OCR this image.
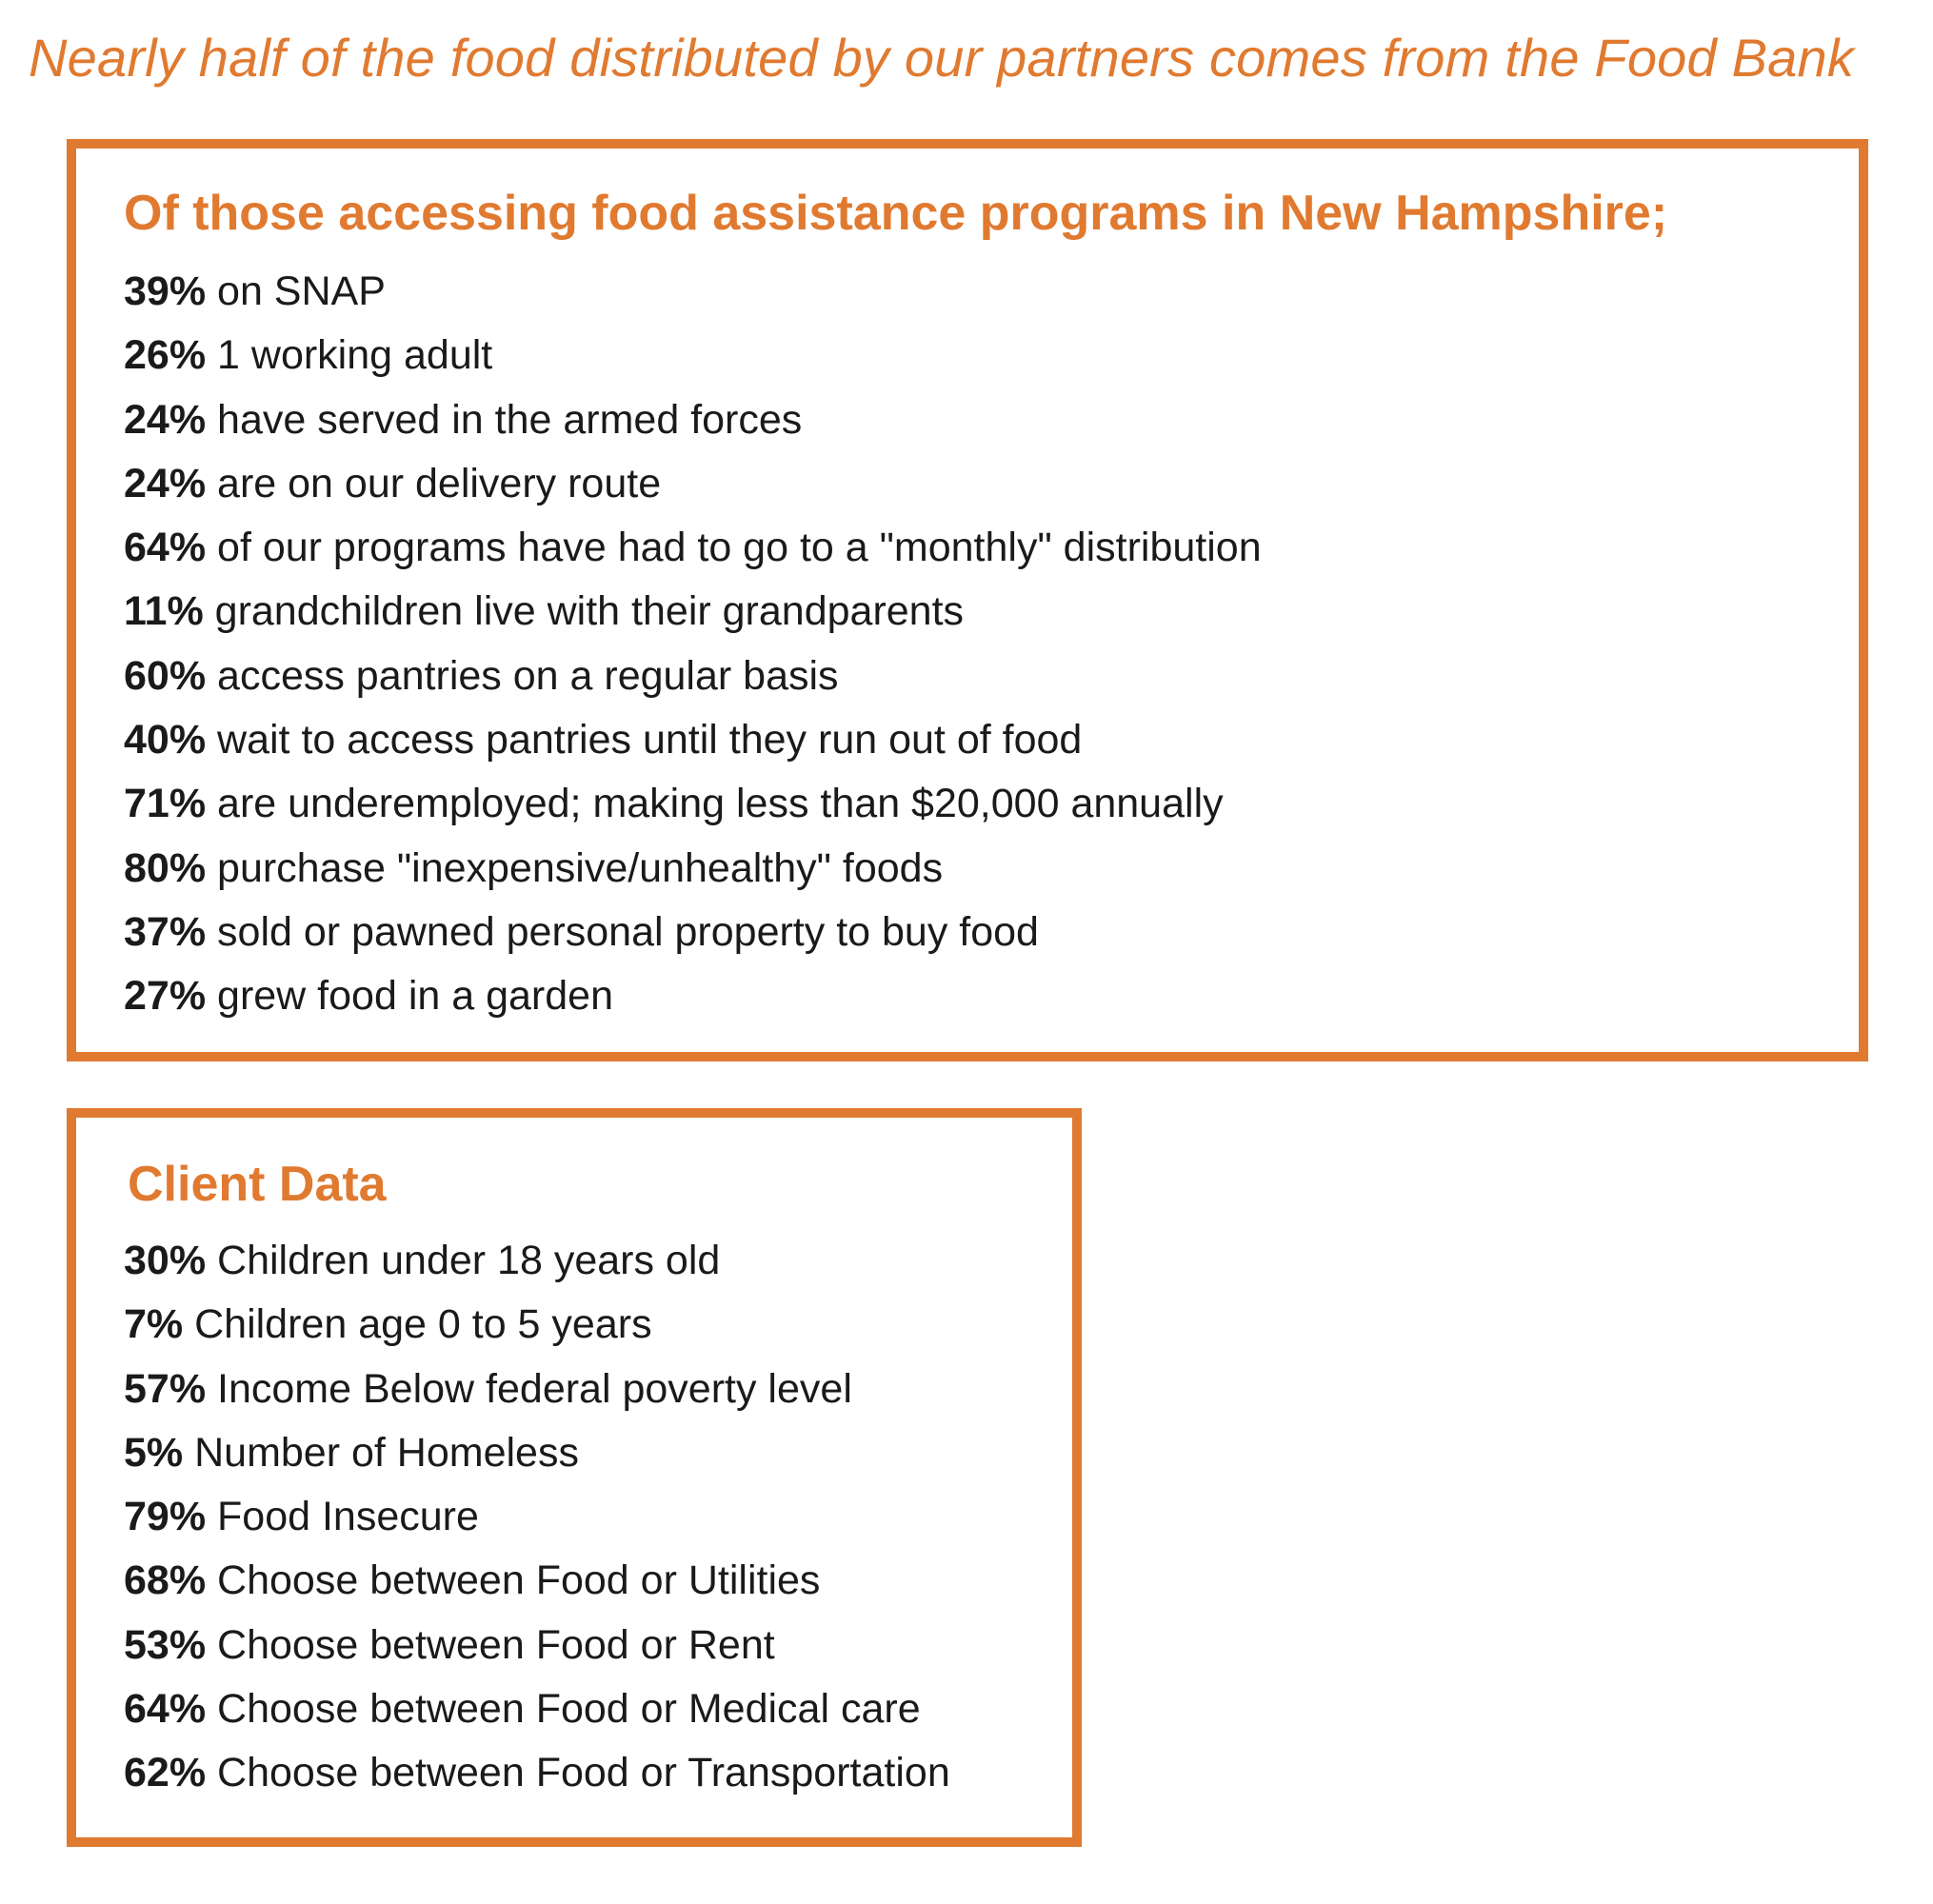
Nearly half of the food distributed by our partners comes from the Food Bank
Of those accessing food assistance programs in New Hampshire;
39% on SNAP
26% 1 working adult
24% have served in the armed forces
24% are on our delivery route
64% of our programs have had to go to a "monthly" distribution
11% grandchildren live with their grandparents
60% access pantries on a regular basis
40% wait to access pantries until they run out of food
71% are underemployed; making less than $20,000 annually
80% purchase "inexpensive/unhealthy" foods
37% sold or pawned personal property to buy food
27% grew food in a garden
Client Data
30% Children under 18 years old
7% Children age 0 to 5 years
57% Income Below federal poverty level
5% Number of Homeless
79% Food Insecure
68% Choose between Food or Utilities
53% Choose between Food or Rent
64% Choose between Food or Medical care
62% Choose between Food or Transportation
